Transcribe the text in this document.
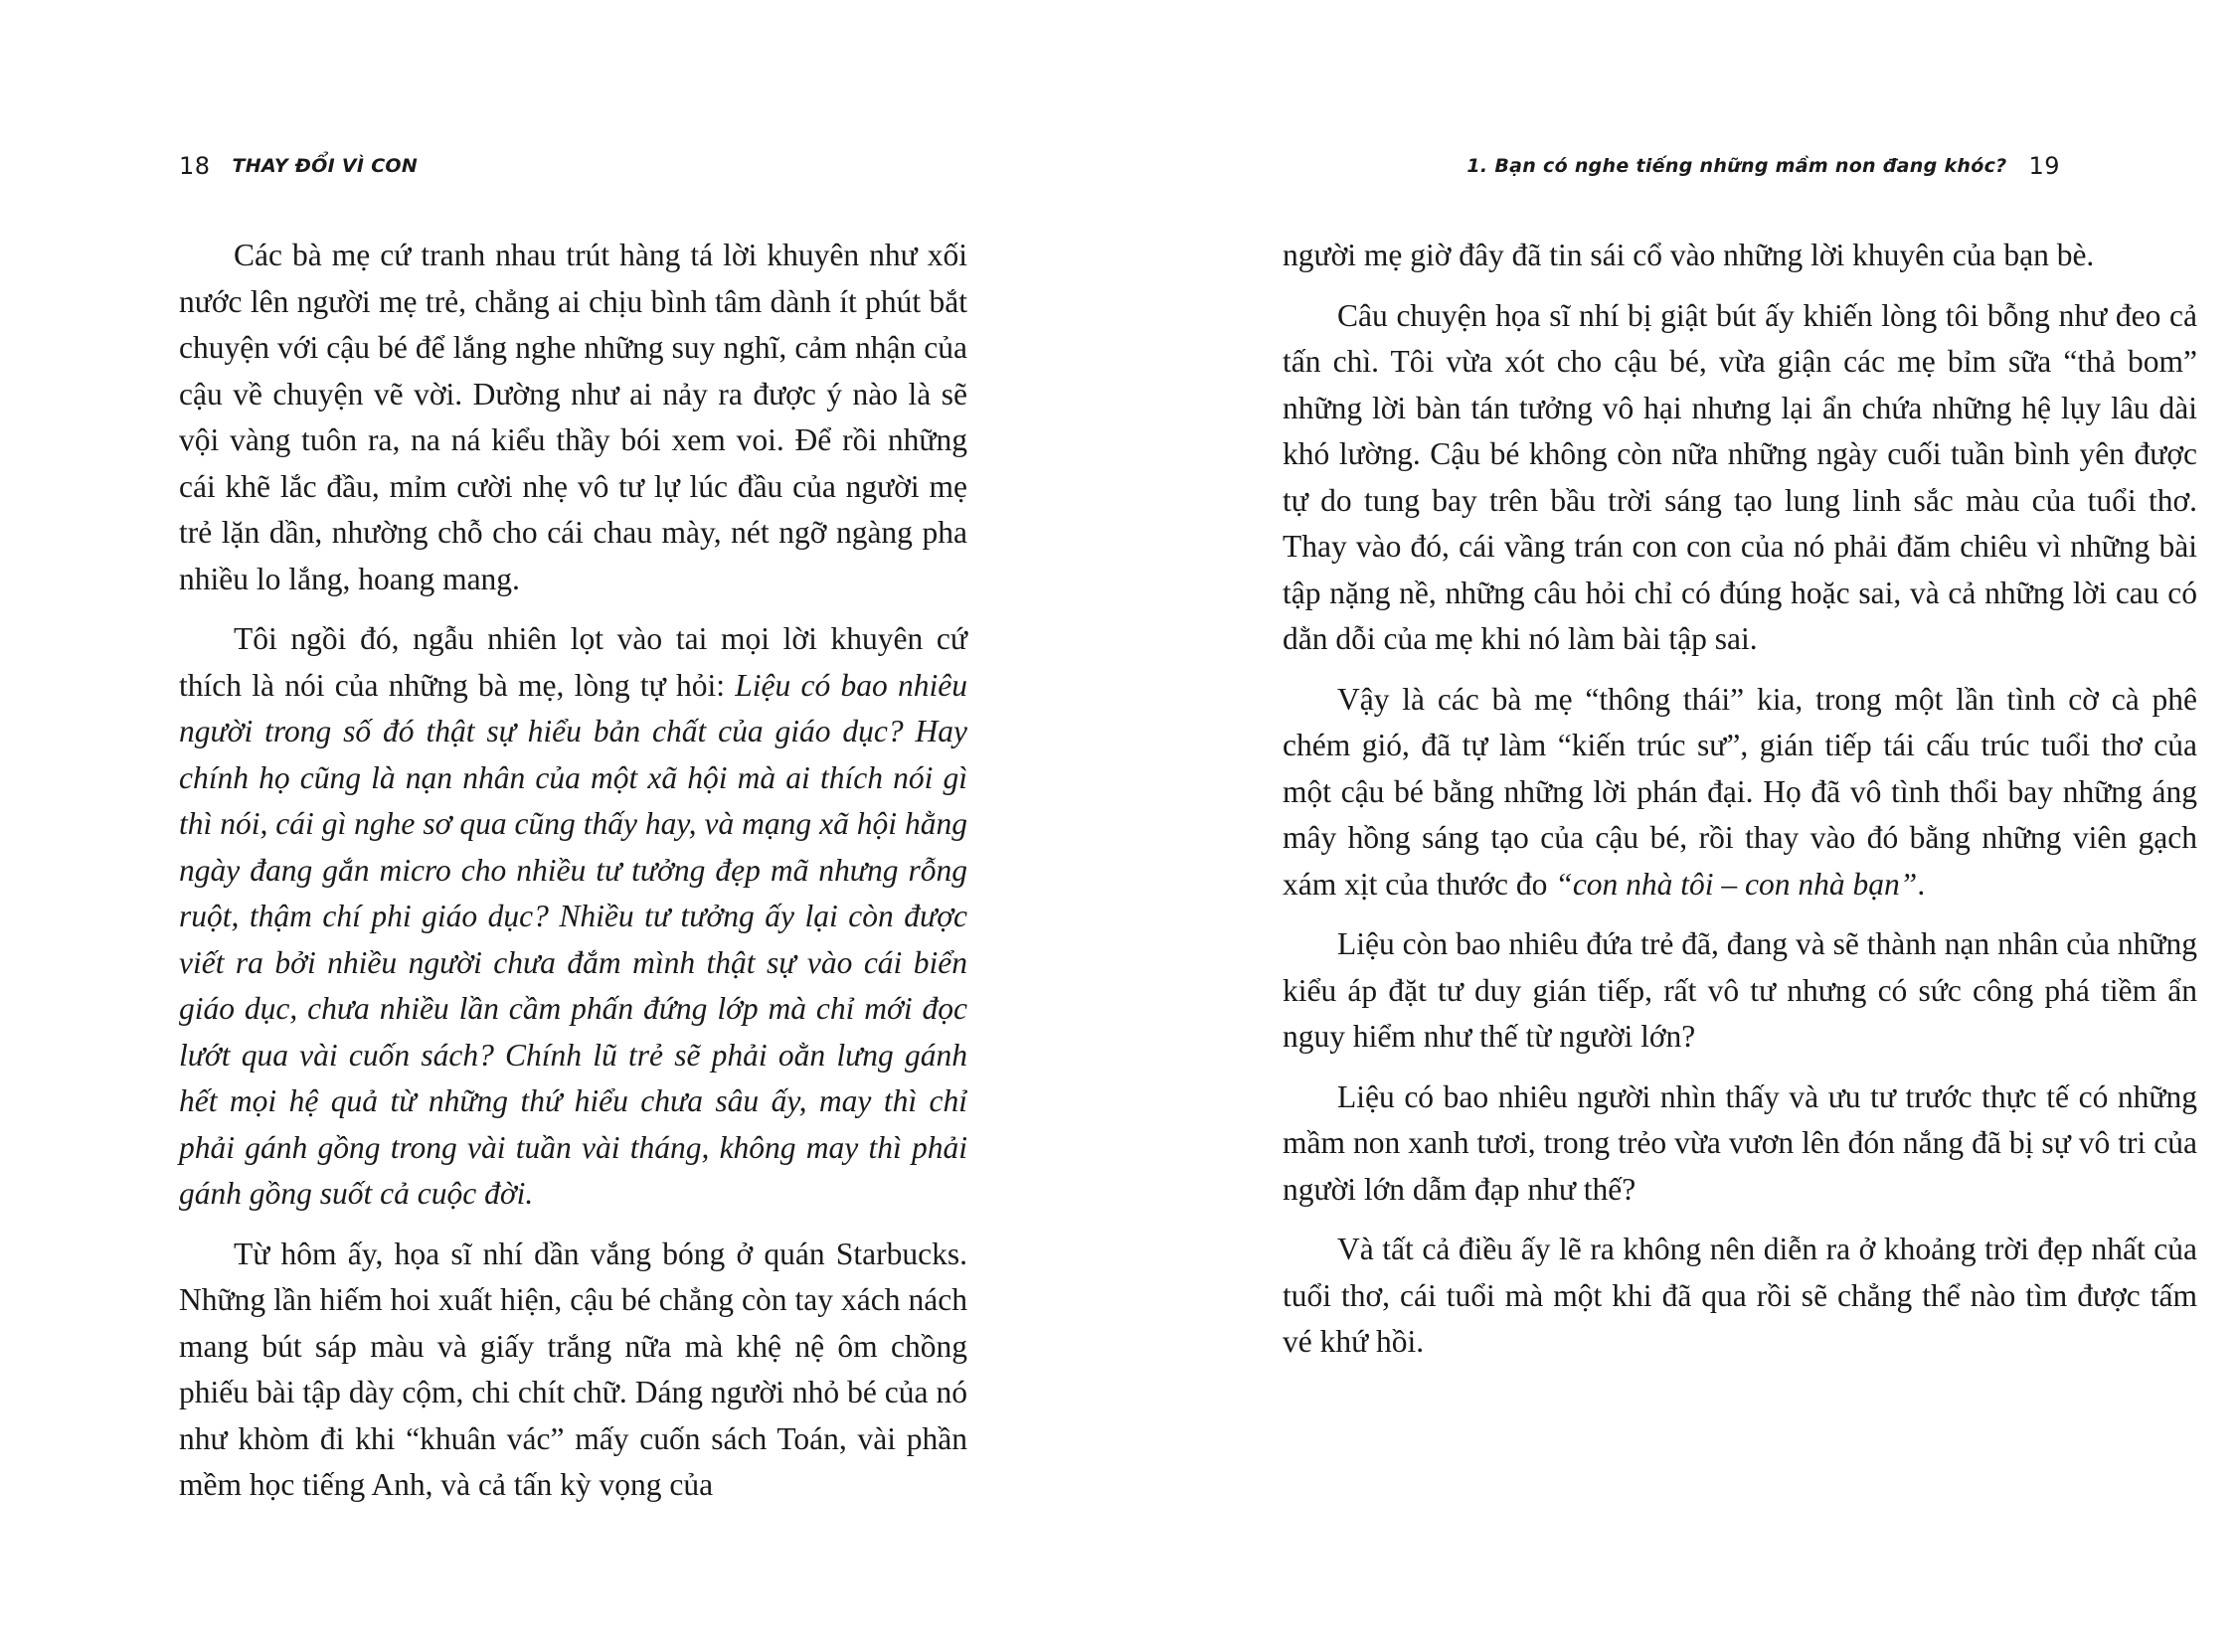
18 THAY ĐỔI VÌ CON

Các bà mẹ cứ tranh nhau trút hàng tá lời khuyên như xối nước lên người mẹ trẻ, chẳng ai chịu bình tâm dành ít phút bắt chuyện với cậu bé để lắng nghe những suy nghĩ, cảm nhận của cậu về chuyện vẽ vời. Dường như ai nảy ra được ý nào là sẽ vội vàng tuôn ra, na ná kiểu thầy bói xem voi. Để rồi những cái khẽ lắc đầu, mỉm cười nhẹ vô tư lự lúc đầu của người mẹ trẻ lặn dần, nhường chỗ cho cái chau mày, nét ngỡ ngàng pha nhiều lo lắng, hoang mang.

Tôi ngồi đó, ngẫu nhiên lọt vào tai mọi lời khuyên cứ thích là nói của những bà mẹ, lòng tự hỏi: Liệu có bao nhiêu người trong số đó thật sự hiểu bản chất của giáo dục? Hay chính họ cũng là nạn nhân của một xã hội mà ai thích nói gì thì nói, cái gì nghe sơ qua cũng thấy hay, và mạng xã hội hằng ngày đang gắn micro cho nhiều tư tưởng đẹp mã nhưng rỗng ruột, thậm chí phi giáo dục? Nhiều tư tưởng ấy lại còn được viết ra bởi nhiều người chưa đắm mình thật sự vào cái biển giáo dục, chưa nhiều lần cầm phấn đứng lớp mà chỉ mới đọc lướt qua vài cuốn sách? Chính lũ trẻ sẽ phải oằn lưng gánh hết mọi hệ quả từ những thứ hiểu chưa sâu ấy, may thì chỉ phải gánh gồng trong vài tuần vài tháng, không may thì phải gánh gồng suốt cả cuộc đời.

Từ hôm ấy, họa sĩ nhí dần vắng bóng ở quán Starbucks. Những lần hiếm hoi xuất hiện, cậu bé chẳng còn tay xách nách mang bút sáp màu và giấy trắng nữa mà khệ nệ ôm chồng phiếu bài tập dày cộm, chi chít chữ. Dáng người nhỏ bé của nó như khòm đi khi “khuân vác” mấy cuốn sách Toán, vài phần mềm học tiếng Anh, và cả tấn kỳ vọng của

1. Bạn có nghe tiếng những mầm non đang khóc? 19

người mẹ giờ đây đã tin sái cổ vào những lời khuyên của bạn bè.

Câu chuyện họa sĩ nhí bị giật bút ấy khiến lòng tôi bỗng như đeo cả tấn chì. Tôi vừa xót cho cậu bé, vừa giận các mẹ bỉm sữa “thả bom” những lời bàn tán tưởng vô hại nhưng lại ẩn chứa những hệ lụy lâu dài khó lường. Cậu bé không còn nữa những ngày cuối tuần bình yên được tự do tung bay trên bầu trời sáng tạo lung linh sắc màu của tuổi thơ. Thay vào đó, cái vầng trán con con của nó phải đăm chiêu vì những bài tập nặng nề, những câu hỏi chỉ có đúng hoặc sai, và cả những lời cau có dằn dỗi của mẹ khi nó làm bài tập sai.

Vậy là các bà mẹ “thông thái” kia, trong một lần tình cờ cà phê chém gió, đã tự làm “kiến trúc sư”, gián tiếp tái cấu trúc tuổi thơ của một cậu bé bằng những lời phán đại. Họ đã vô tình thổi bay những áng mây hồng sáng tạo của cậu bé, rồi thay vào đó bằng những viên gạch xám xịt của thước đo “con nhà tôi – con nhà bạn”.

Liệu còn bao nhiêu đứa trẻ đã, đang và sẽ thành nạn nhân của những kiểu áp đặt tư duy gián tiếp, rất vô tư nhưng có sức công phá tiềm ẩn nguy hiểm như thế từ người lớn?

Liệu có bao nhiêu người nhìn thấy và ưu tư trước thực tế có những mầm non xanh tươi, trong trẻo vừa vươn lên đón nắng đã bị sự vô tri của người lớn dẫm đạp như thế?

Và tất cả điều ấy lẽ ra không nên diễn ra ở khoảng trời đẹp nhất của tuổi thơ, cái tuổi mà một khi đã qua rồi sẽ chẳng thể nào tìm được tấm vé khứ hồi.
